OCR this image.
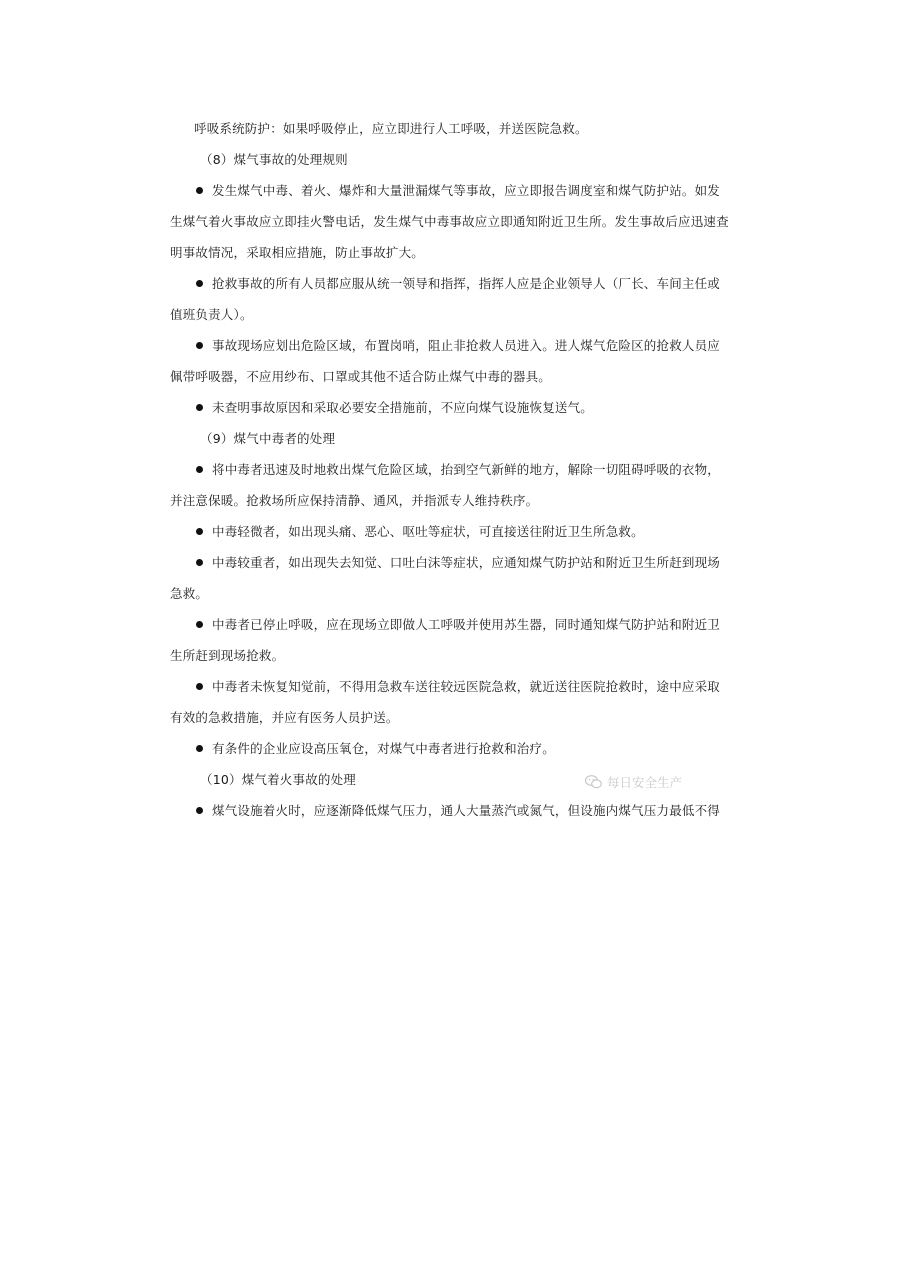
呼吸系统防护：如果呼吸停止，应立即进行人工呼吸，并送医院急救。
（8）煤气事故的处理规则
发生煤气中毒、着火、爆炸和大量泄漏煤气等事故，应立即报告调度室和煤气防护站。如发
生煤气着火事故应立即挂火警电话，发生煤气中毒事故应立即通知附近卫生所。发生事故后应迅速查
明事故情况，采取相应措施，防止事故扩大。
抢救事故的所有人员都应服从统一领导和指挥，指挥人应是企业领导人（厂长、车间主任或
值班负责人）。
事故现场应划出危险区域，布置岗哨，阻止非抢救人员进入。进人煤气危险区的抢救人员应
佩带呼吸器，不应用纱布、口罩或其他不适合防止煤气中毒的器具。
未查明事故原因和采取必要安全措施前，不应向煤气设施恢复送气。
（9）煤气中毒者的处理
将中毒者迅速及时地救出煤气危险区域，抬到空气新鲜的地方，解除一切阻碍呼吸的衣物，
并注意保暖。抢救场所应保持清静、通风，并指派专人维持秩序。
中毒轻微者，如出现头痛、恶心、呕吐等症状，可直接送往附近卫生所急救。
中毒较重者，如出现失去知觉、口吐白沫等症状，应通知煤气防护站和附近卫生所赶到现场
急救。
中毒者已停止呼吸，应在现场立即做人工呼吸并使用苏生器，同时通知煤气防护站和附近卫
生所赶到现场抢救。
中毒者未恢复知觉前，不得用急救车送往较远医院急救，就近送往医院抢救时，途中应采取
有效的急救措施，并应有医务人员护送。
有条件的企业应设高压氧仓，对煤气中毒者进行抢救和治疗。
（10）煤气着火事故的处理
煤气设施着火时，应逐渐降低煤气压力，通人大量蒸汽或氮气，但设施内煤气压力最低不得
每日安全生产
